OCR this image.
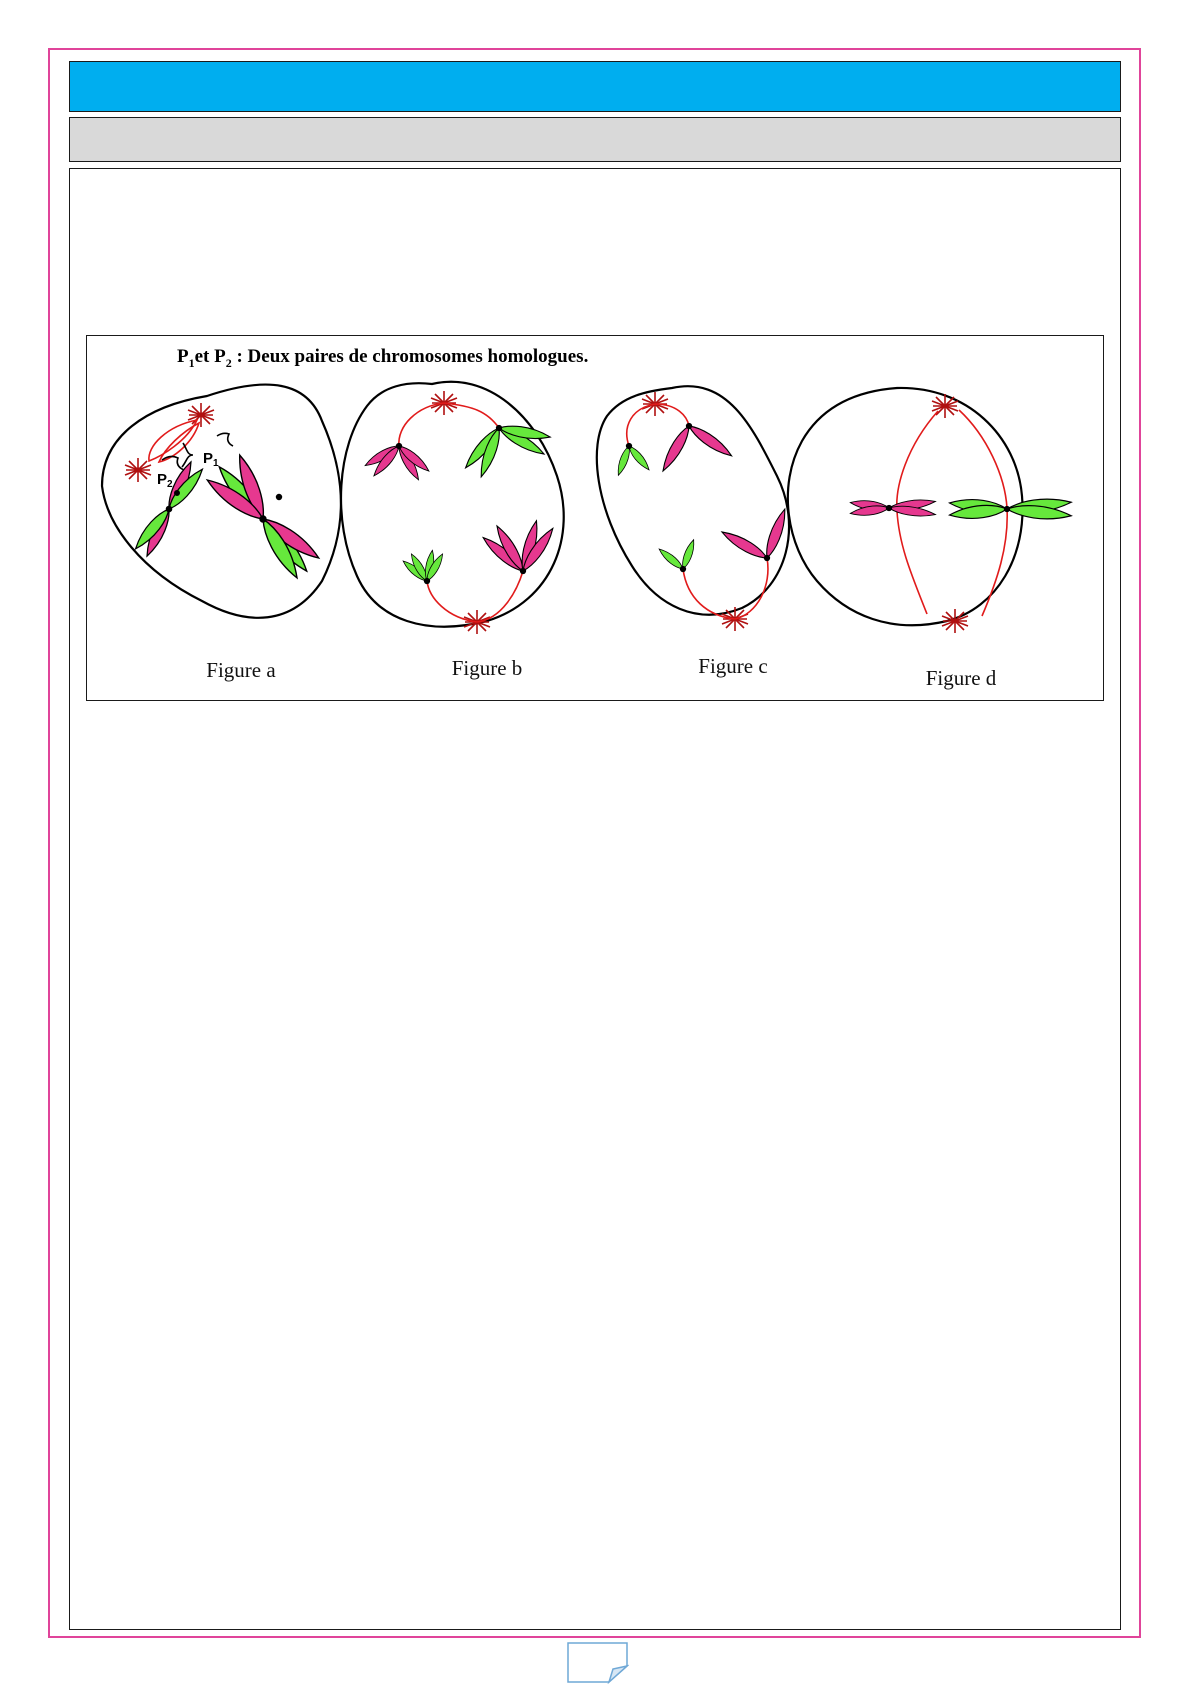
$P_1$
$P_2$
$P_1et$ $P_2$ : Deux paires de chromosomes homologues.
Figure a	Figure b	Figure c	Figure d
